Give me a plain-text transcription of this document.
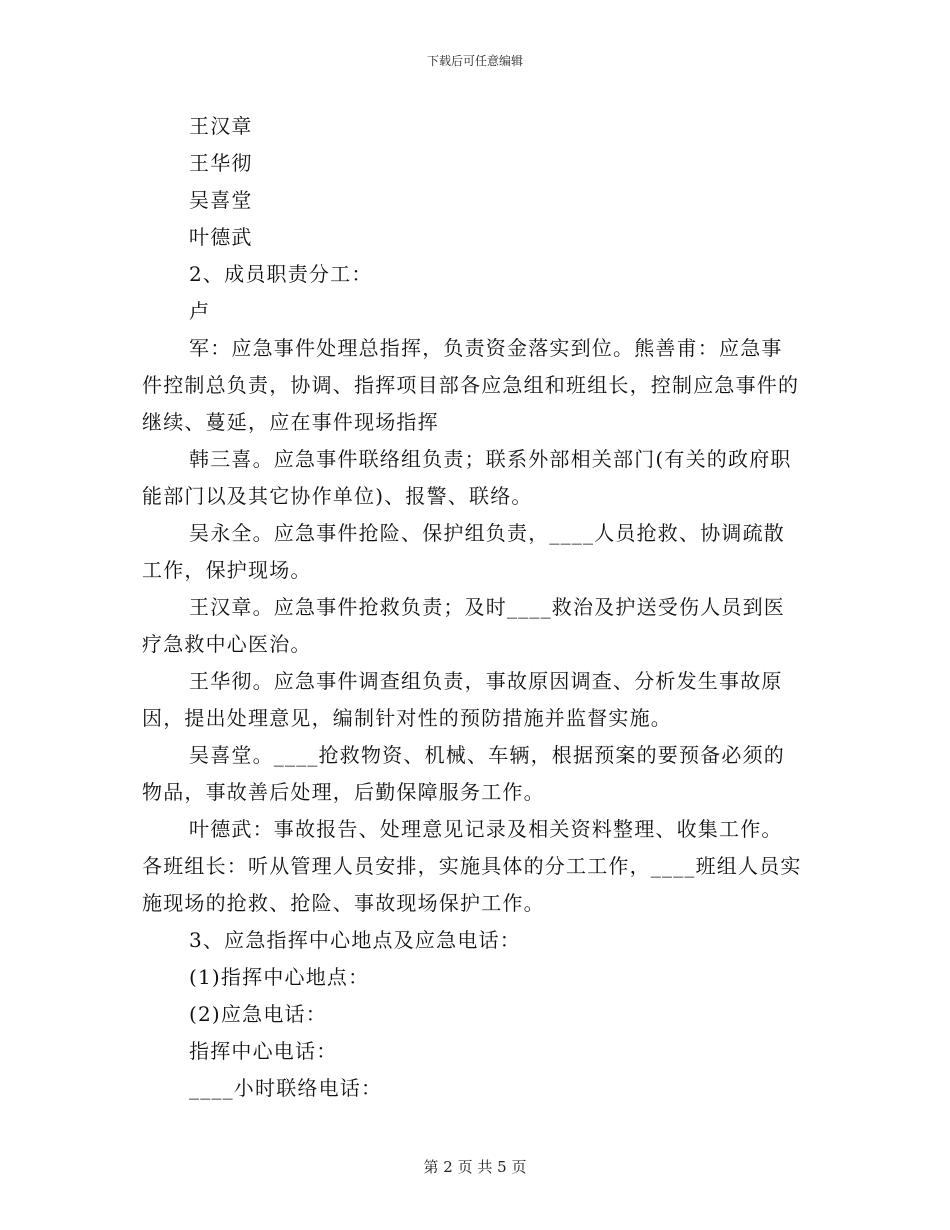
下载后可任意编辑

王汉章

王华彻

吴喜堂

叶德武

2、成员职责分工：

卢

军：应急事件处理总指挥，负责资金落实到位。熊善甫：应急事件控制总负责，协调、指挥项目部各应急组和班组长，控制应急事件的继续、蔓延，应在事件现场指挥

韩三喜。应急事件联络组负责；联系外部相关部门(有关的政府职能部门以及其它协作单位)、报警、联络。

吴永全。应急事件抢险、保护组负责，____人员抢救、协调疏散工作，保护现场。

王汉章。应急事件抢救负责；及时____救治及护送受伤人员到医疗急救中心医治。

王华彻。应急事件调查组负责，事故原因调查、分析发生事故原因，提出处理意见，编制针对性的预防措施并监督实施。

吴喜堂。____抢救物资、机械、车辆，根据预案的要预备必须的物品，事故善后处理，后勤保障服务工作。

叶德武：事故报告、处理意见记录及相关资料整理、收集工作。各班组长：听从管理人员安排，实施具体的分工工作，____班组人员实施现场的抢救、抢险、事故现场保护工作。

3、应急指挥中心地点及应急电话：

(1)指挥中心地点：

(2)应急电话：

指挥中心电话：

____小时联络电话：

第 2 页 共 5 页
